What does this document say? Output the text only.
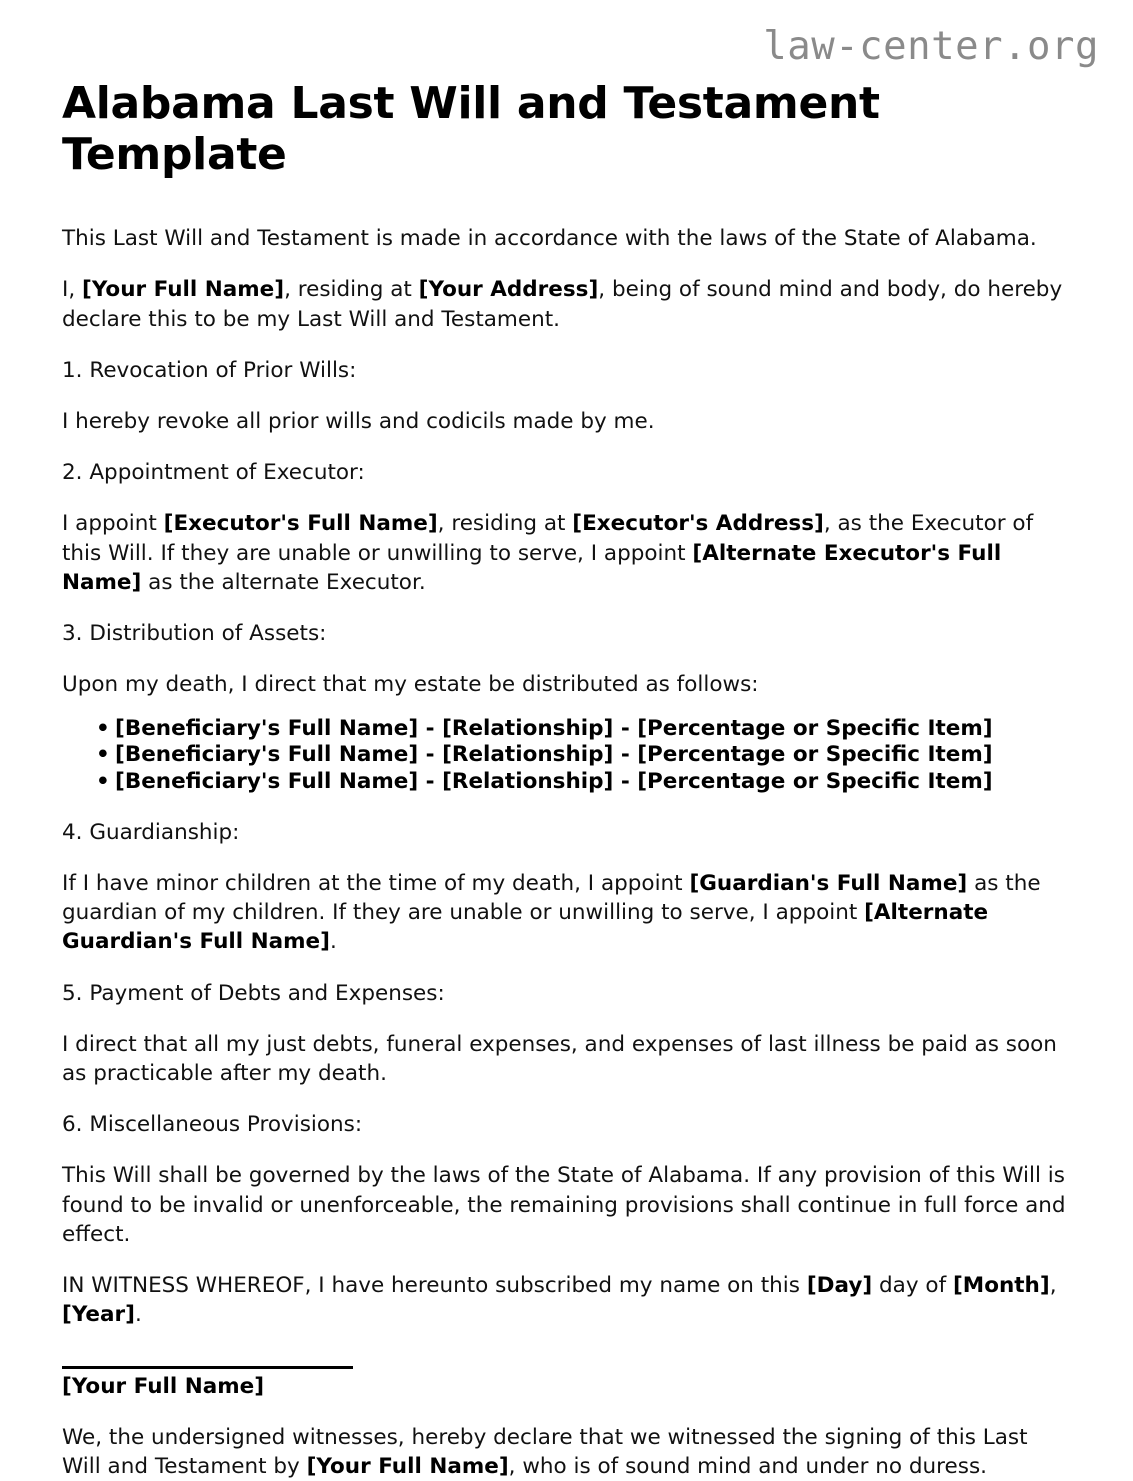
law-center.org
Alabama Last Will and Testament Template

This Last Will and Testament is made in accordance with the laws of the State of Alabama.

I, [Your Full Name], residing at [Your Address], being of sound mind and body, do hereby declare this to be my Last Will and Testament.

1. Revocation of Prior Wills:

I hereby revoke all prior wills and codicils made by me.

2. Appointment of Executor:

I appoint [Executor's Full Name], residing at [Executor's Address], as the Executor of this Will. If they are unable or unwilling to serve, I appoint [Alternate Executor's Full Name] as the alternate Executor.

3. Distribution of Assets:

Upon my death, I direct that my estate be distributed as follows:

• [Beneficiary's Full Name] - [Relationship] - [Percentage or Specific Item]
• [Beneficiary's Full Name] - [Relationship] - [Percentage or Specific Item]
• [Beneficiary's Full Name] - [Relationship] - [Percentage or Specific Item]

4. Guardianship:

If I have minor children at the time of my death, I appoint [Guardian's Full Name] as the guardian of my children. If they are unable or unwilling to serve, I appoint [Alternate Guardian's Full Name].

5. Payment of Debts and Expenses:

I direct that all my just debts, funeral expenses, and expenses of last illness be paid as soon as practicable after my death.

6. Miscellaneous Provisions:

This Will shall be governed by the laws of the State of Alabama. If any provision of this Will is found to be invalid or unenforceable, the remaining provisions shall continue in full force and effect.

IN WITNESS WHEREOF, I have hereunto subscribed my name on this [Day] day of [Month], [Year].

[Your Full Name]

We, the undersigned witnesses, hereby declare that we witnessed the signing of this Last Will and Testament by [Your Full Name], who is of sound mind and under no duress.
